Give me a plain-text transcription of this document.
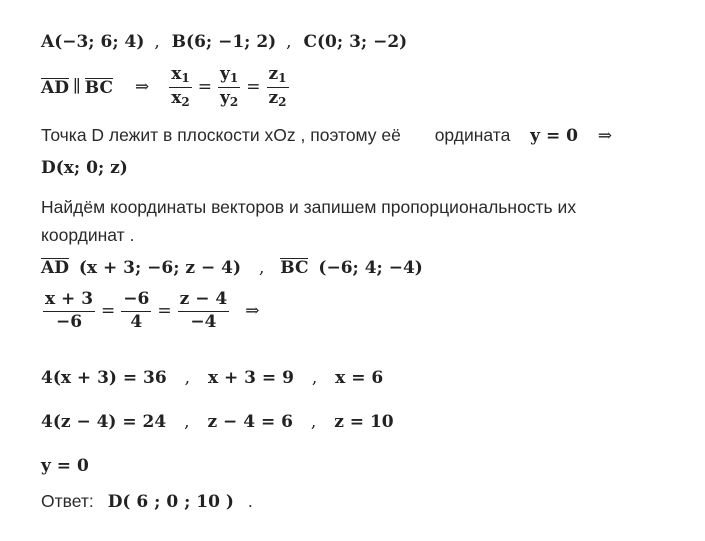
A(−3; 6; 4) , B(6; −1; 2) , C(0; 3; −2)
AD ∥ BC ⇒ $\frac{x_1}{x_2} = \frac{y_1}{y_2} = \frac{z_1}{z_2}$
Точка D лежит в плоскости xOz , поэтому её ордината y = 0 ⇒
D(x; 0; z)
Найдём координаты векторов и запишем пропорциональность их
координат .
AD (x + 3; −6; z − 4) , BC (−6; 4; −4)
$\frac{x + 3}{-6} = \frac{-6}{4} = \frac{z - 4}{-4}$ ⇒
4(x + 3) = 36 , x + 3 = 9 , x = 6
4(z − 4) = 24 , z − 4 = 6 , z = 10
y = 0
Ответ: D( 6 ; 0 ; 10 ) .
